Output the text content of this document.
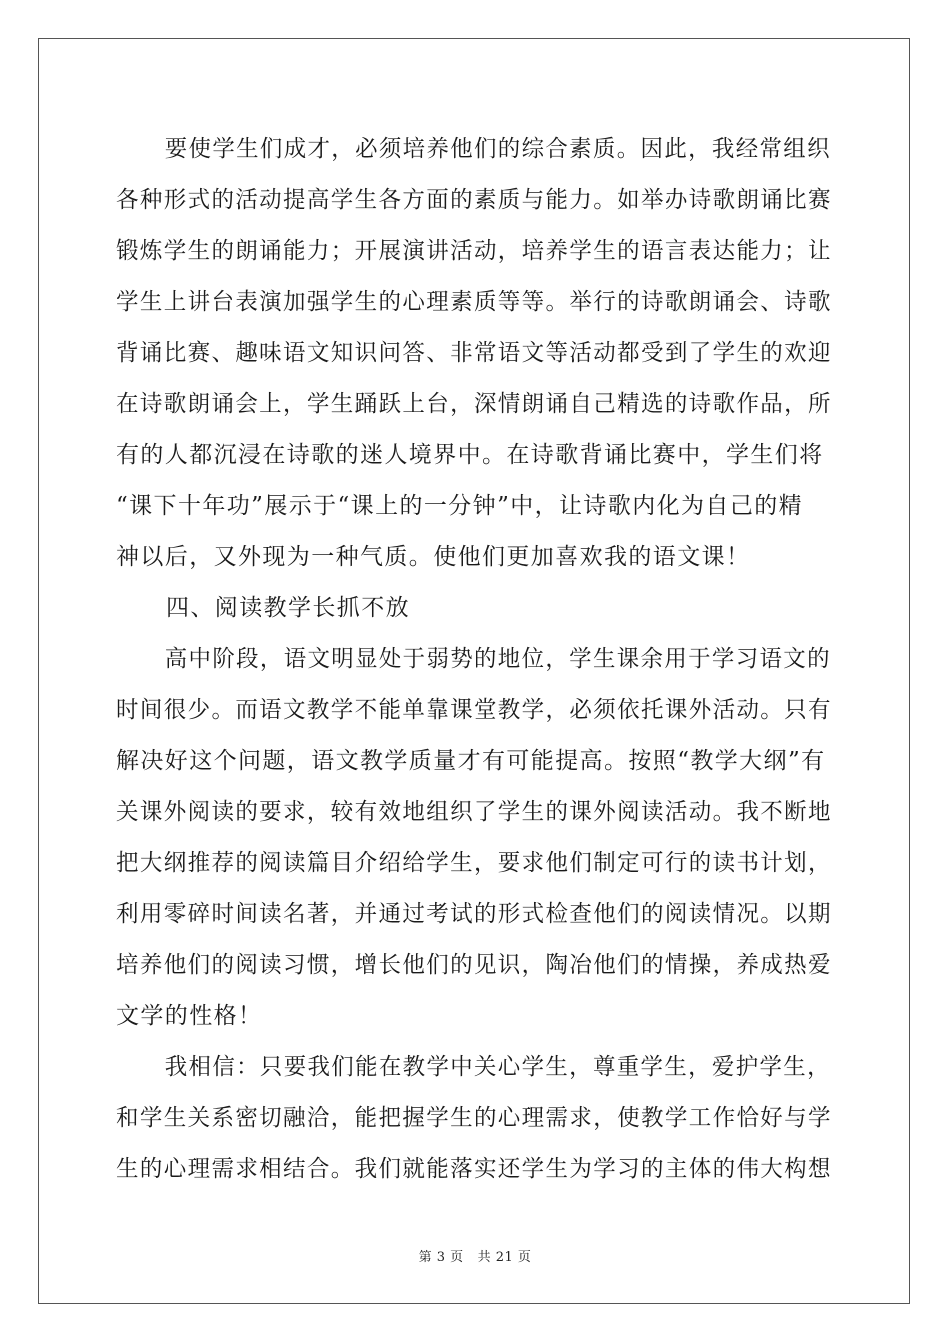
要使学生们成才，必须培养他们的综合素质。因此，我经常组织
各种形式的活动提高学生各方面的素质与能力。如举办诗歌朗诵比赛
锻炼学生的朗诵能力；开展演讲活动，培养学生的语言表达能力；让
学生上讲台表演加强学生的心理素质等等。举行的诗歌朗诵会、诗歌
背诵比赛、趣味语文知识问答、非常语文等活动都受到了学生的欢迎
在诗歌朗诵会上，学生踊跃上台，深情朗诵自己精选的诗歌作品，所
有的人都沉浸在诗歌的迷人境界中。在诗歌背诵比赛中，学生们将
“课下十年功”展示于“课上的一分钟”中，让诗歌内化为自己的精
神以后，又外现为一种气质。使他们更加喜欢我的语文课！
四、阅读教学长抓不放
高中阶段，语文明显处于弱势的地位，学生课余用于学习语文的
时间很少。而语文教学不能单靠课堂教学，必须依托课外活动。只有
解决好这个问题，语文教学质量才有可能提高。按照“教学大纲”有
关课外阅读的要求，较有效地组织了学生的课外阅读活动。我不断地
把大纲推荐的阅读篇目介绍给学生，要求他们制定可行的读书计划，
利用零碎时间读名著，并通过考试的形式检查他们的阅读情况。以期
培养他们的阅读习惯，增长他们的见识，陶冶他们的情操，养成热爱
文学的性格！
我相信：只要我们能在教学中关心学生，尊重学生，爱护学生，
和学生关系密切融洽，能把握学生的心理需求，使教学工作恰好与学
生的心理需求相结合。我们就能落实还学生为学习的主体的伟大构想
第 3 页 共 21 页
